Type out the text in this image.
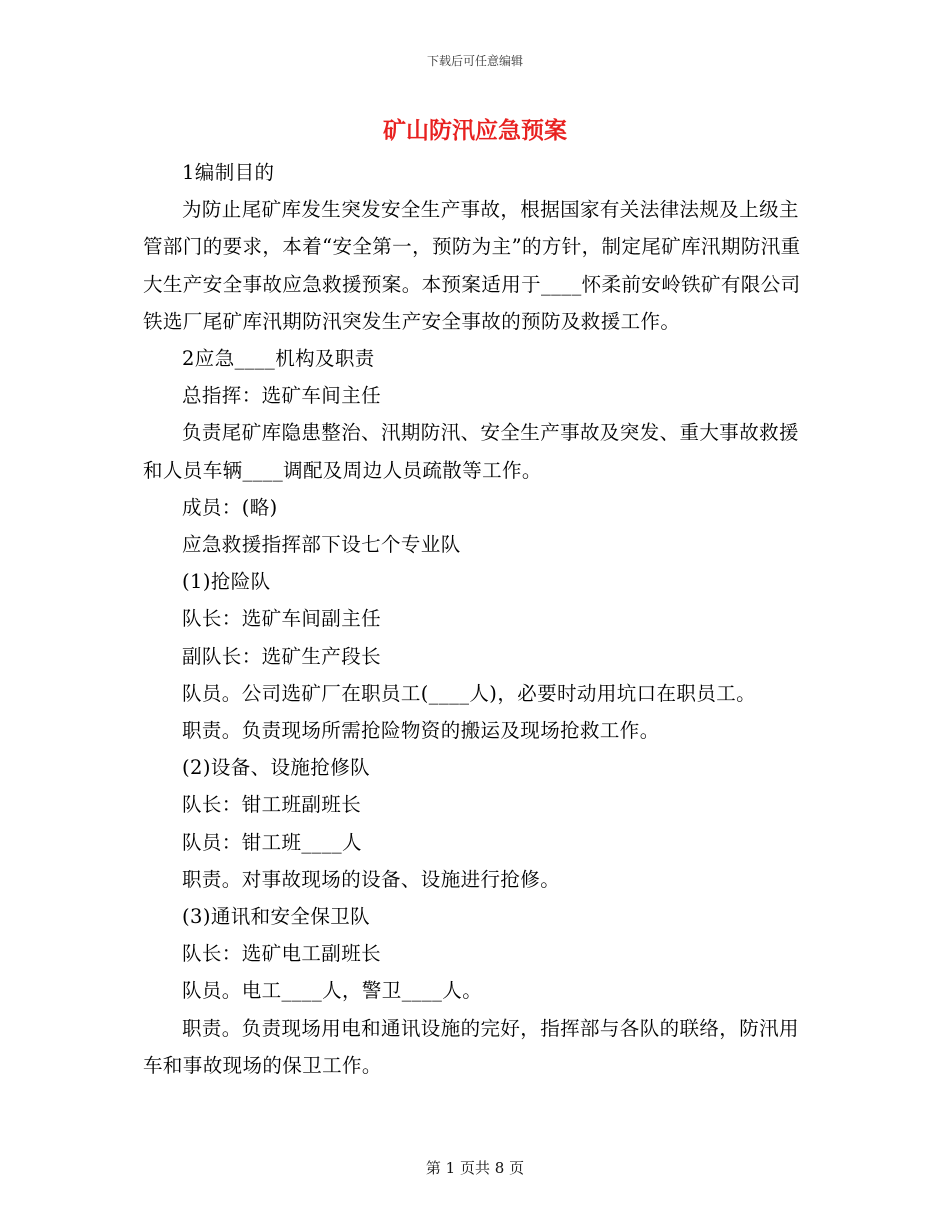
下载后可任意编辑
矿山防汛应急预案

1编制目的

为防止尾矿库发生突发安全生产事故，根据国家有关法律法规及上级主管部门的要求，本着“安全第一，预防为主”的方针，制定尾矿库汛期防汛重大生产安全事故应急救援预案。本预案适用于____怀柔前安岭铁矿有限公司铁选厂尾矿库汛期防汛突发生产安全事故的预防及救援工作。

2应急____机构及职责

总指挥：选矿车间主任

负责尾矿库隐患整治、汛期防汛、安全生产事故及突发、重大事故救援和人员车辆____调配及周边人员疏散等工作。

成员：(略)

应急救援指挥部下设七个专业队

(1)抢险队

队长：选矿车间副主任

副队长：选矿生产段长

队员。公司选矿厂在职员工(____人)，必要时动用坑口在职员工。

职责。负责现场所需抢险物资的搬运及现场抢救工作。

(2)设备、设施抢修队

队长：钳工班副班长

队员：钳工班____人

职责。对事故现场的设备、设施进行抢修。

(3)通讯和安全保卫队

队长：选矿电工副班长

队员。电工____人，警卫____人。

职责。负责现场用电和通讯设施的完好，指挥部与各队的联络，防汛用车和事故现场的保卫工作。

第 1 页共 8 页
